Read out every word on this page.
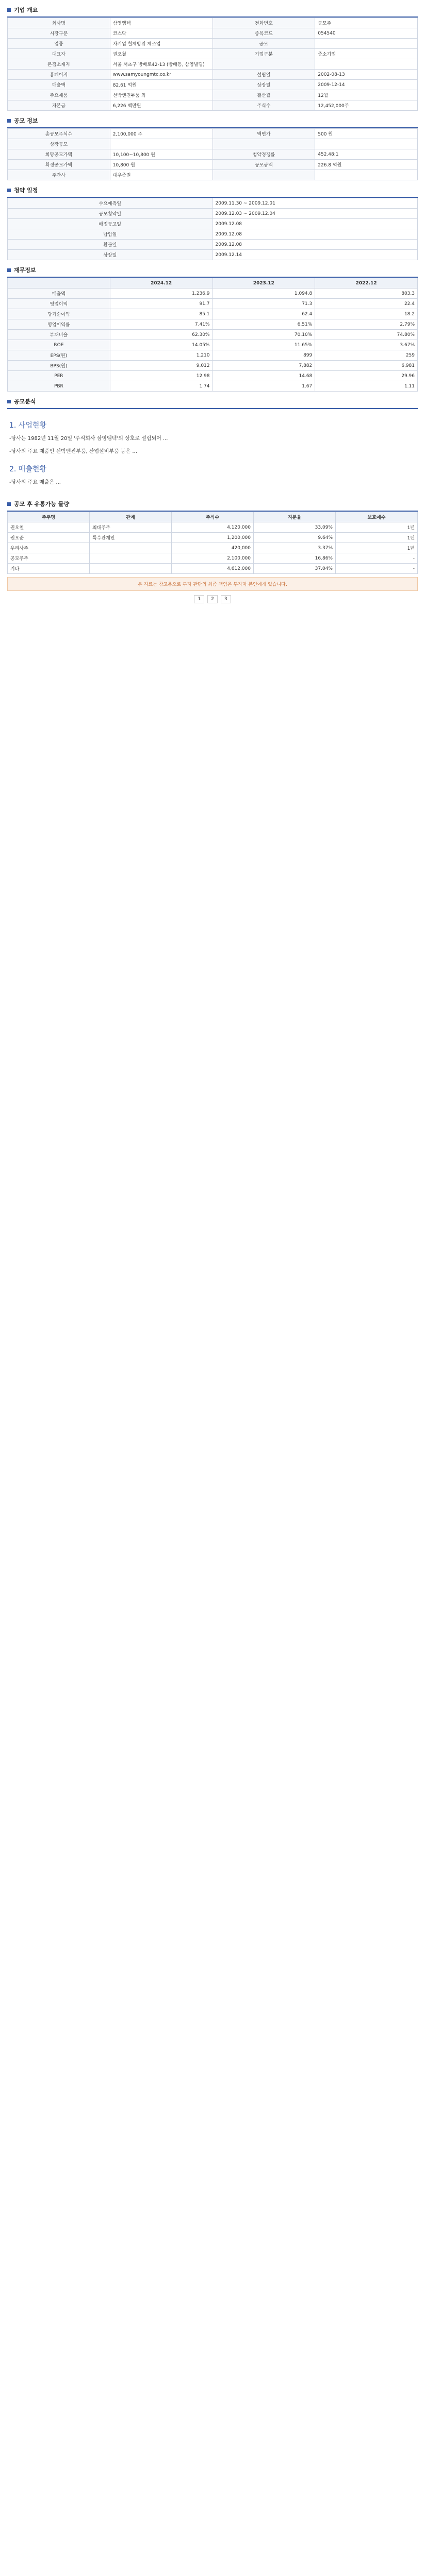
기업 개요
회사명	삼영엠텍	전화번호	공모주
시장구분	코스닥	종목코드	054540
업종	자기업 철제방위 제조업	공모	
대표자	권오철	기업구분	중소기업
본점소재지	서울 서초구 방배로42-13 (방배동, 삼영빌딩)		
홈페이지	www.samyoungmtc.co.kr	설립일	2002-08-13
매출액	82.61 억원	상장일	2009-12-14
주요제품	선박엔진부품 외	결산월	12월
자본금	6,226 백만원	주식수	12,452,000주
공모 정보
총공모주식수	2,100,000 주	액면가	500 원
상장공모			
희망공모가액	10,100~10,800 원	청약경쟁률	452.48:1
확정공모가액	10,800 원	공모금액	226.8 억원
주간사	대우증권		
청약 일정
수요예측일	2009.11.30 ~ 2009.12.01
공모청약일	2009.12.03 ~ 2009.12.04
배정공고일	2009.12.08
납입일	2009.12.08
환불일	2009.12.08
상장일	2009.12.14
재무정보
	2024.12	2023.12	2022.12
매출액	1,236.9	1,094.8	803.3
영업이익	91.7	71.3	22.4
당기순이익	85.1	62.4	18.2
영업이익률	7.41%	6.51%	2.79%
부채비율	62.30%	70.10%	74.80%
ROE	14.05%	11.65%	3.67%
EPS(원)	1,210	899	259
BPS(원)	9,012	7,882	6,981
PER	12.98	14.68	29.96
PBR	1.74	1.67	1.11
공모분석
1. 사업현황

-당사는 1982년 11월 20일 '주식회사 삼영엠텍'의 상호로 설립되어 ...

-당사의 주요 제품인 선박엔진부품, 산업설비부품 등은 ...

2. 매출현황

-당사의 주요 매출은 ...

공모 후 유통가능 물량
주주명	관계	주식수	지분율	보호예수
권오철	최대주주	4,120,000	33.09%	1년
권오준	특수관계인	1,200,000	9.64%	1년
우리사주		420,000	3.37%	1년
공모주주		2,100,000	16.86%	-
기타		4,612,000	37.04%	-
본 자료는 참고용으로 투자 판단의 최종 책임은 투자자 본인에게 있습니다.
1	2	3
